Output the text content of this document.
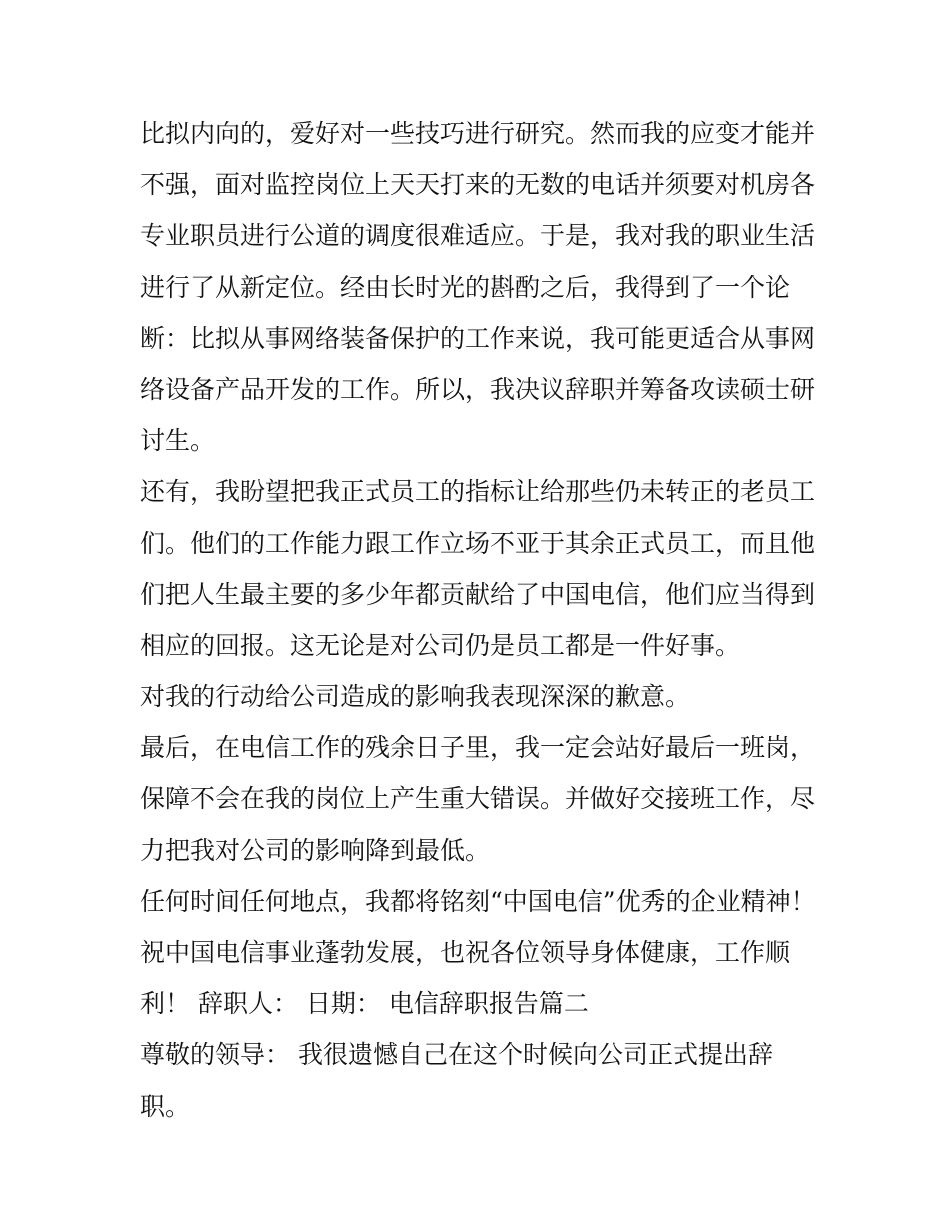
比拟内向的，爱好对一些技巧进行研究。然而我的应变才能并
不强，面对监控岗位上天天打来的无数的电话并须要对机房各
专业职员进行公道的调度很难适应。于是，我对我的职业生活
进行了从新定位。经由长时光的斟酌之后，我得到了一个论
断：比拟从事网络装备保护的工作来说，我可能更适合从事网
络设备产品开发的工作。所以，我决议辞职并筹备攻读硕士研
讨生。
还有，我盼望把我正式员工的指标让给那些仍未转正的老员工
们。他们的工作能力跟工作立场不亚于其余正式员工，而且他
们把人生最主要的多少年都贡献给了中国电信，他们应当得到
相应的回报。这无论是对公司仍是员工都是一件好事。
对我的行动给公司造成的影响我表现深深的歉意。
最后，在电信工作的残余日子里，我一定会站好最后一班岗，
保障不会在我的岗位上产生重大错误。并做好交接班工作，尽
力把我对公司的影响降到最低。
任何时间任何地点，我都将铭刻“中国电信”优秀的企业精神！
祝中国电信事业蓬勃发展，也祝各位领导身体健康，工作顺
利！ 辞职人： 日期： 电信辞职报告篇二
尊敬的领导： 我很遗憾自己在这个时候向公司正式提出辞
职。
